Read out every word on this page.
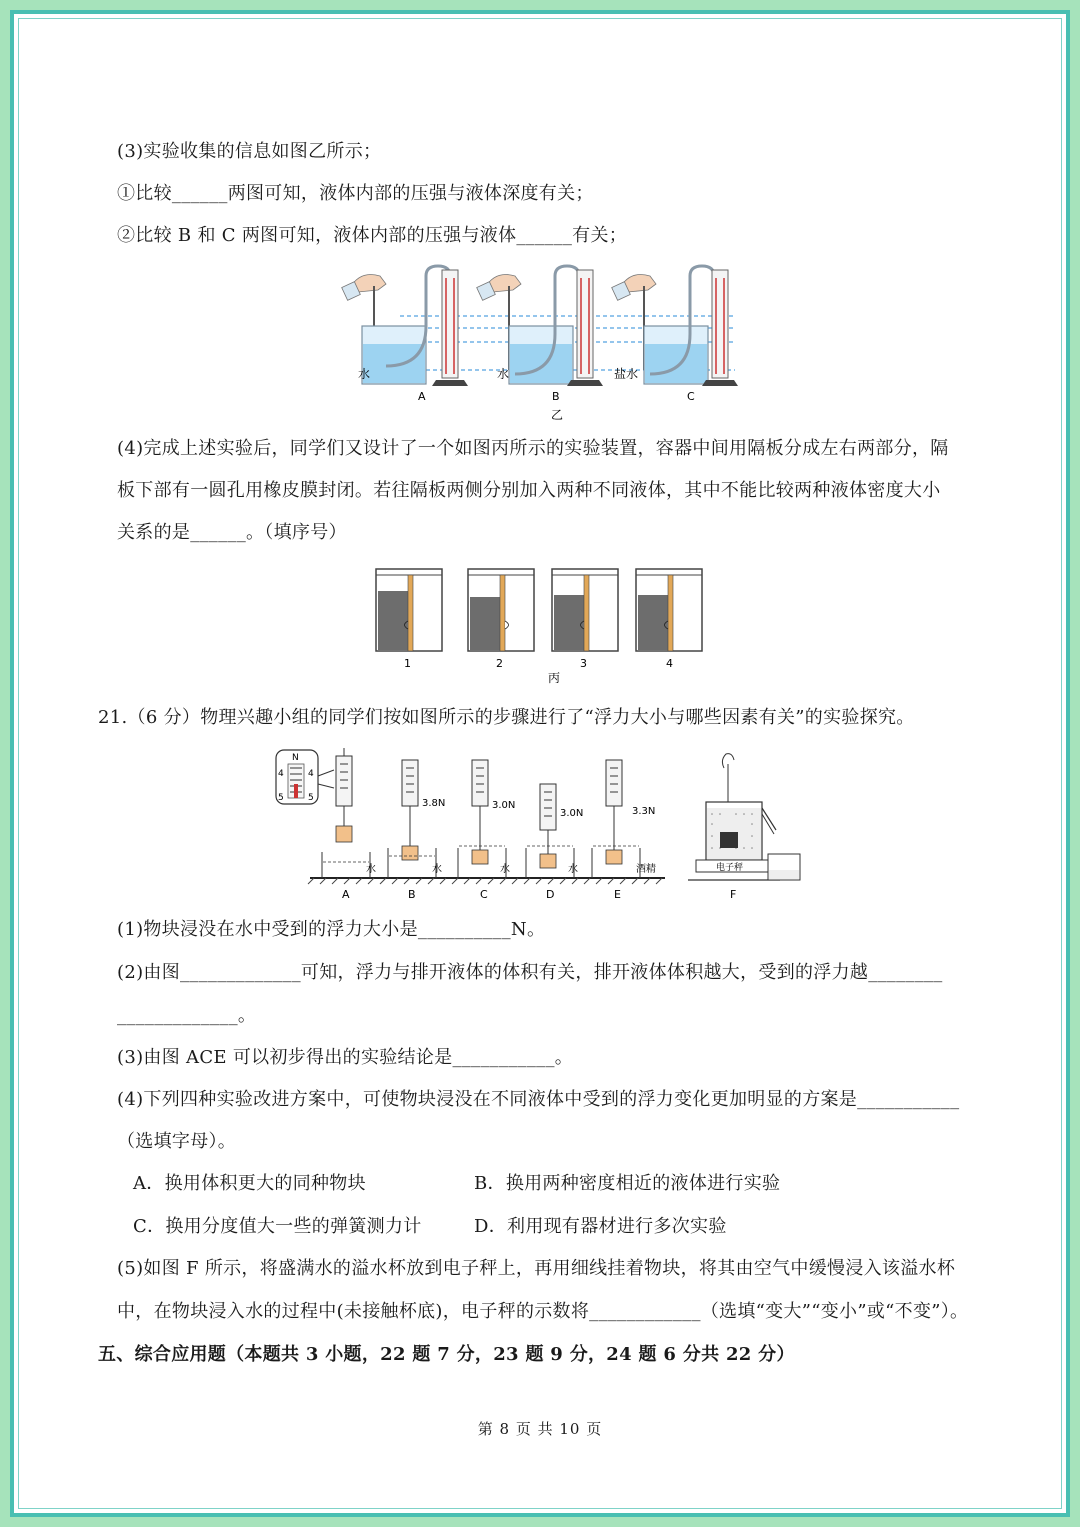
(3)实验收集的信息如图乙所示；
①比较______两图可知，液体内部的压强与液体深度有关；
②比较 B 和 C 两图可知，液体内部的压强与液体______有关；
水	水	盐水
A	B	C
乙
(4)完成上述实验后，同学们又设计了一个如图丙所示的实验装置，容器中间用隔板分成左右两部分，隔
板下部有一圆孔用橡皮膜封闭。若往隔板两侧分别加入两种不同液体，其中不能比较两种液体密度大小
关系的是______。（填序号）
1	2	3	4
丙
21.（6 分）物理兴趣小组的同学们按如图所示的步骤进行了“浮力大小与哪些因素有关”的实验探究。
N
4	4
5	5
电子秤
3.8N	3.0N
3.0N	3.3N
水	水	水	水	酒精
A	B	C	D	E	F
(1)物块浸没在水中受到的浮力大小是__________N。
(2)由图_____________可知，浮力与排开液体的体积有关，排开液体体积越大，受到的浮力越________
_____________。
(3)由图 ACE 可以初步得出的实验结论是___________。
(4)下列四种实验改进方案中，可使物块浸没在不同液体中受到的浮力变化更加明显的方案是___________
（选填字母）。
A．换用体积更大的同种物块	B．换用两种密度相近的液体进行实验
C．换用分度值大一些的弹簧测力计	D．利用现有器材进行多次实验
(5)如图 F 所示，将盛满水的溢水杯放到电子秤上，再用细线挂着物块，将其由空气中缓慢浸入该溢水杯
中，在物块浸入水的过程中(未接触杯底)，电子秤的示数将____________（选填“变大”“变小”或“不变”）。
五、综合应用题（本题共 3 小题，22 题 7 分，23 题 9 分，24 题 6 分共 22 分）
第 8 页 共 10 页
